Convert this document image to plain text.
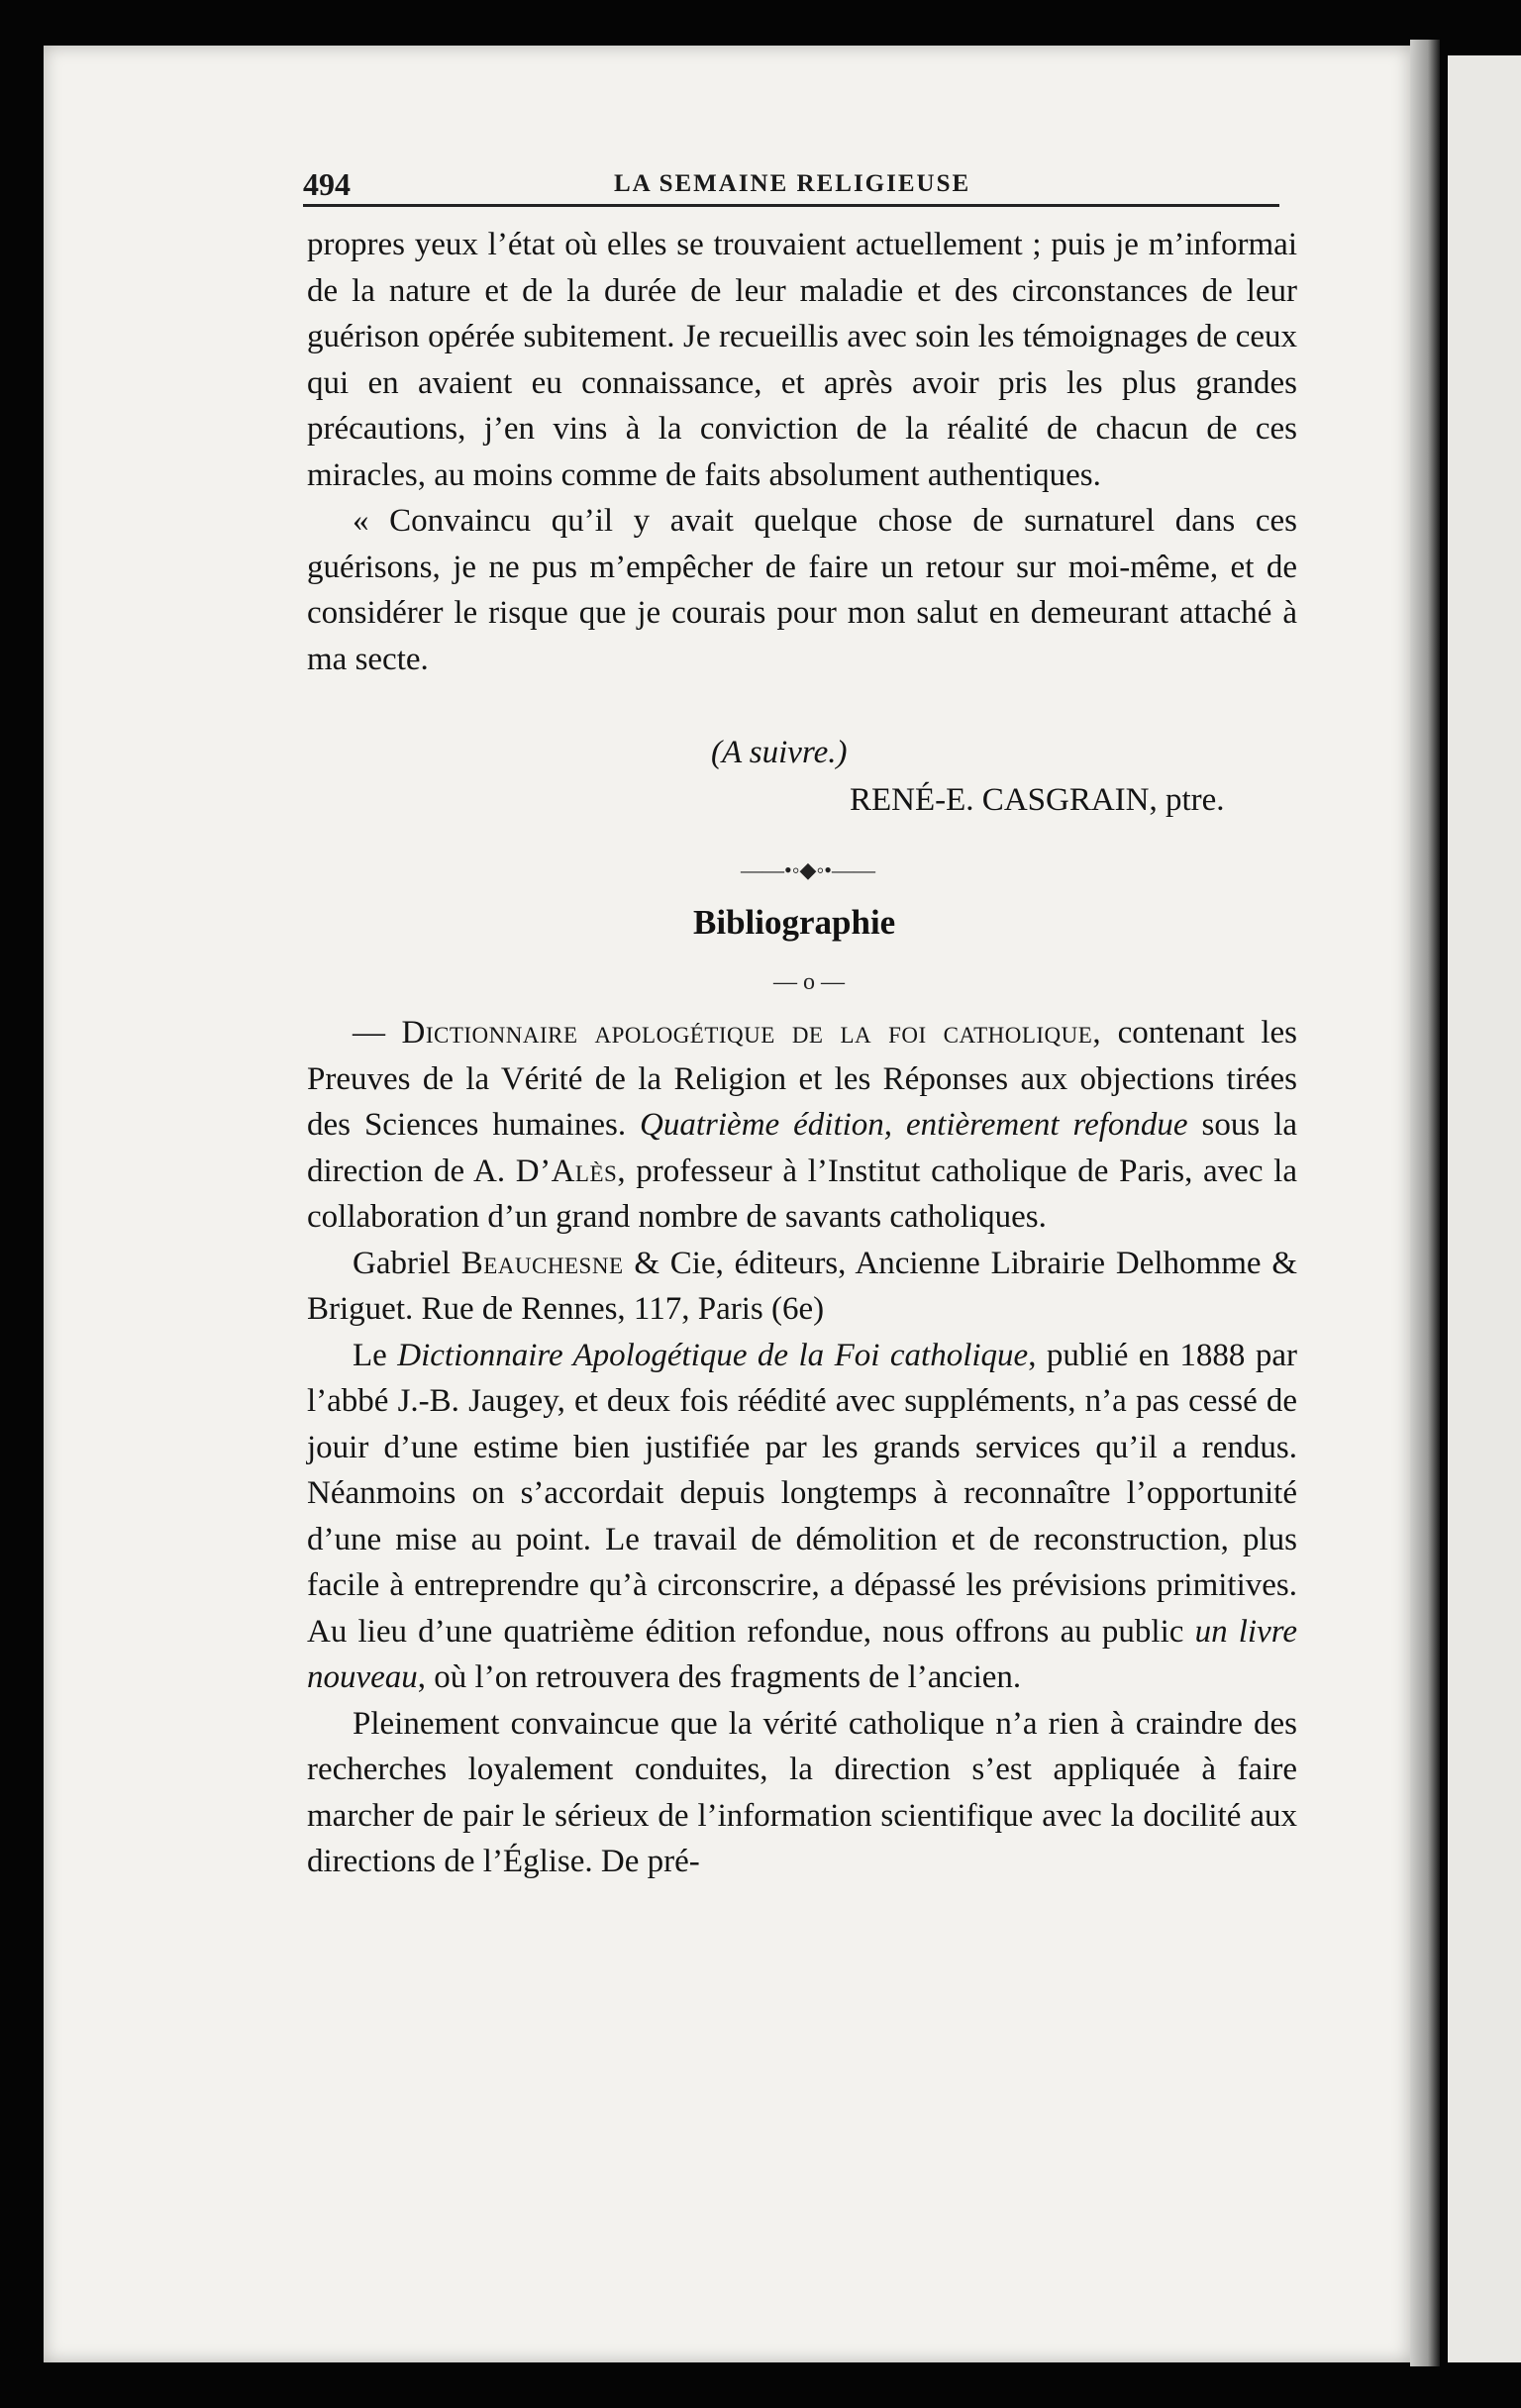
494	LA SEMAINE RELIGIEUSE

propres yeux l’état où elles se trouvaient actuellement ; puis je m’informai de la nature et de la durée de leur maladie et des circonstances de leur guérison opérée subitement. Je recueillis avec soin les témoignages de ceux qui en avaient eu connaissance, et après avoir pris les plus grandes précautions, j’en vins à la conviction de la réalité de chacun de ces miracles, au moins comme de faits absolument authentiques.

« Convaincu qu’il y avait quelque chose de surnaturel dans ces guérisons, je ne pus m’empêcher de faire un retour sur moi-même, et de considérer le risque que je courais pour mon salut en demeurant attaché à ma secte.

(A suivre.)
RENÉ-E. CASGRAIN, ptre.
——•◦◆◦•——
Bibliographie
— o —

— Dictionnaire apologétique de la foi catholique, contenant les Preuves de la Vérité de la Religion et les Réponses aux objections tirées des Sciences humaines. Quatrième édition, entièrement refondue sous la direction de A. D’Alès, professeur à l’Institut catholique de Paris, avec la collaboration d’un grand nombre de savants catholiques.

Gabriel Beauchesne & Cie, éditeurs, Ancienne Librairie Delhomme & Briguet. Rue de Rennes, 117, Paris (6e)

Le Dictionnaire Apologétique de la Foi catholique, publié en 1888 par l’abbé J.-B. Jaugey, et deux fois réédité avec suppléments, n’a pas cessé de jouir d’une estime bien justifiée par les grands services qu’il a rendus. Néanmoins on s’accordait depuis longtemps à reconnaître l’opportunité d’une mise au point. Le travail de démolition et de reconstruction, plus facile à entreprendre qu’à circonscrire, a dépassé les prévisions primitives. Au lieu d’une quatrième édition refondue, nous offrons au public un livre nouveau, où l’on retrouvera des fragments de l’ancien.

Pleinement convaincue que la vérité catholique n’a rien à craindre des recherches loyalement conduites, la direction s’est appliquée à faire marcher de pair le sérieux de l’information scientifique avec la docilité aux directions de l’Église. De pré-
